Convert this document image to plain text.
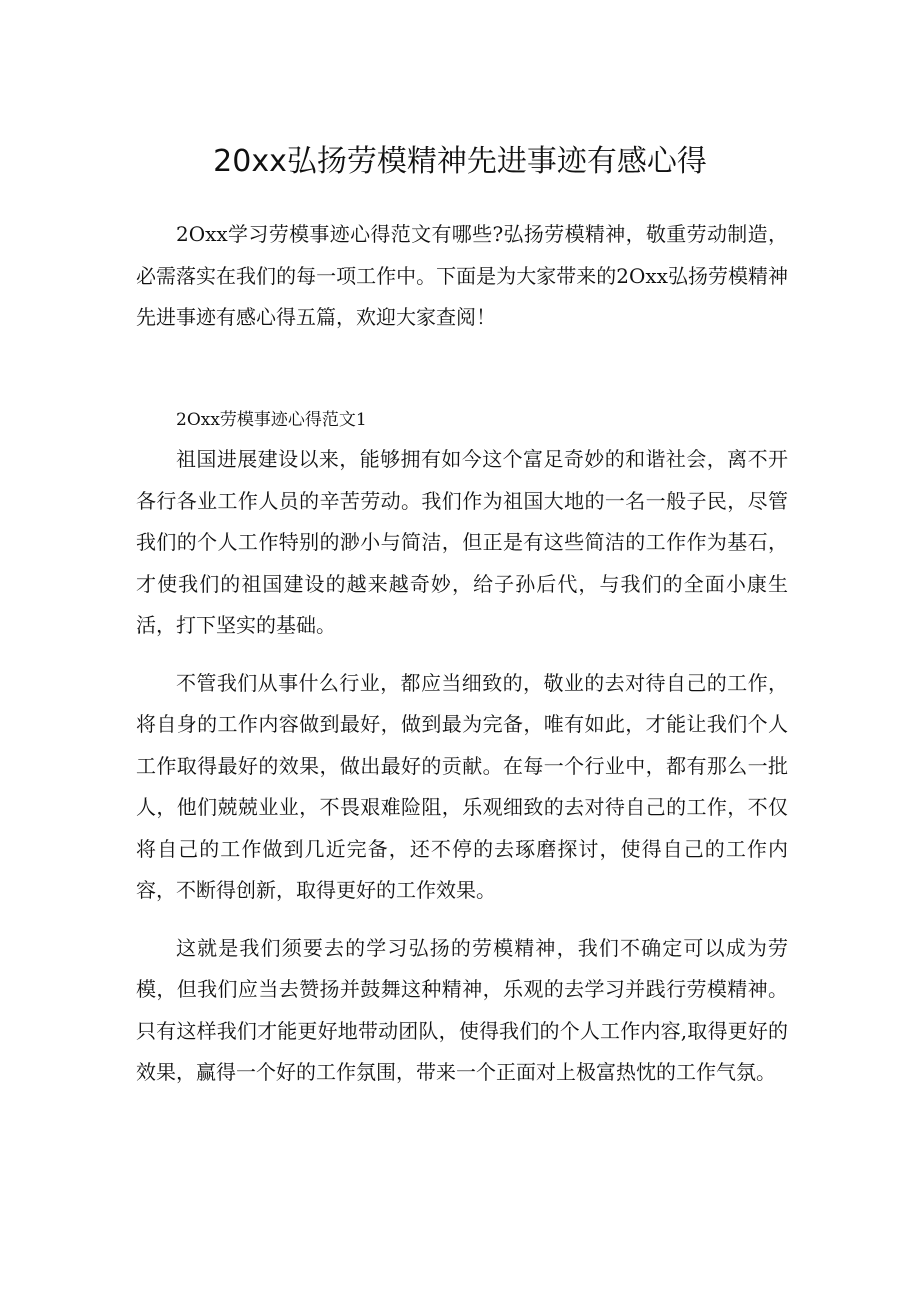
20xx弘扬劳模精神先进事迹有感心得

2Oxx学习劳模事迹心得范文有哪些?弘扬劳模精神，敬重劳动制造，必需落实在我们的每一项工作中。下面是为大家带来的2Oxx弘扬劳模精神先进事迹有感心得五篇，欢迎大家查阅！

2Oxx劳模事迹心得范文1

祖国进展建设以来，能够拥有如今这个富足奇妙的和谐社会，离不开各行各业工作人员的辛苦劳动。我们作为祖国大地的一名一般子民，尽管我们的个人工作特别的渺小与简洁，但正是有这些简洁的工作作为基石，才使我们的祖国建设的越来越奇妙，给子孙后代，与我们的全面小康生活，打下坚实的基础。

不管我们从事什么行业，都应当细致的，敬业的去对待自己的工作，将自身的工作内容做到最好，做到最为完备，唯有如此，才能让我们个人工作取得最好的效果，做出最好的贡献。在每一个行业中，都有那么一批人，他们兢兢业业，不畏艰难险阻，乐观细致的去对待自己的工作，不仅将自己的工作做到几近完备，还不停的去琢磨探讨，使得自己的工作内容，不断得创新，取得更好的工作效果。

这就是我们须要去的学习弘扬的劳模精神，我们不确定可以成为劳模，但我们应当去赞扬并鼓舞这种精神，乐观的去学习并践行劳模精神。只有这样我们才能更好地带动团队，使得我们的个人工作内容,取得更好的效果，赢得一个好的工作氛围，带来一个正面对上极富热忱的工作气氛。
